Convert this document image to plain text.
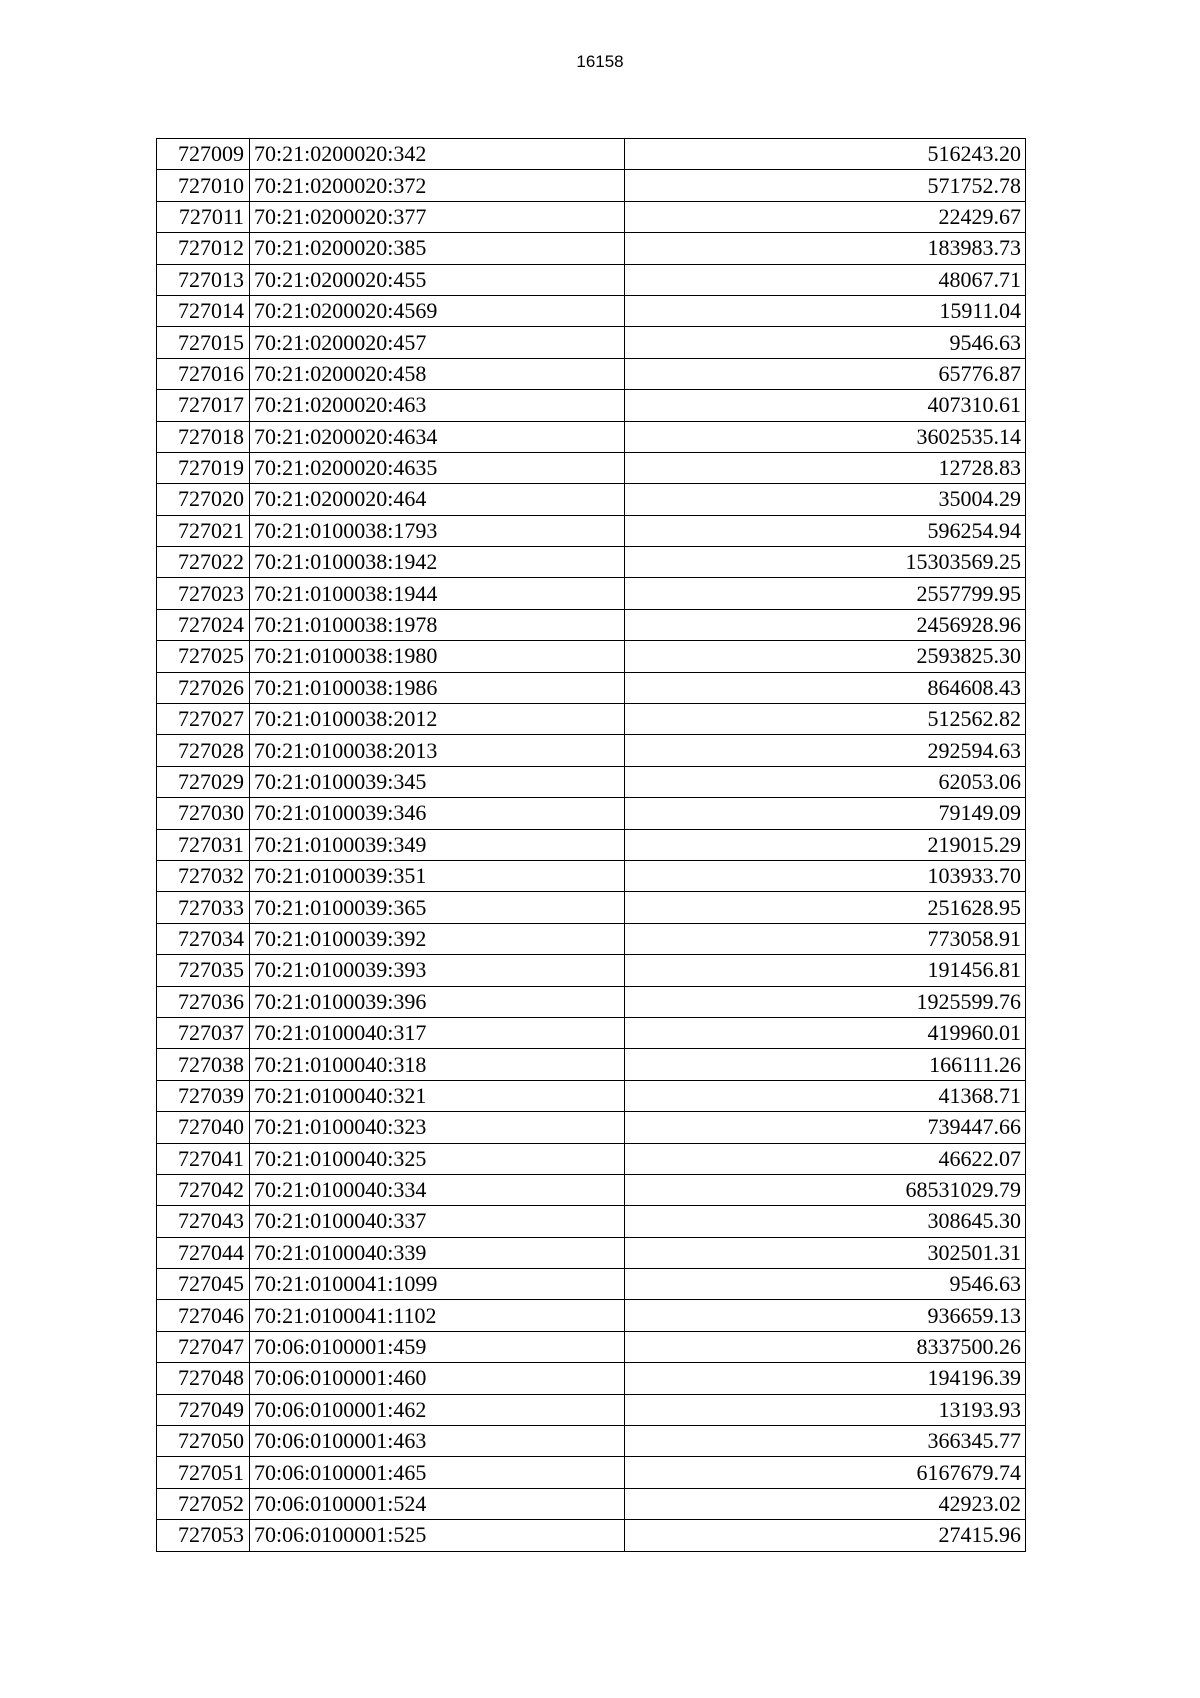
16158
727009	70:21:0200020:342	516243.20
727010	70:21:0200020:372	571752.78
727011	70:21:0200020:377	22429.67
727012	70:21:0200020:385	183983.73
727013	70:21:0200020:455	48067.71
727014	70:21:0200020:4569	15911.04
727015	70:21:0200020:457	9546.63
727016	70:21:0200020:458	65776.87
727017	70:21:0200020:463	407310.61
727018	70:21:0200020:4634	3602535.14
727019	70:21:0200020:4635	12728.83
727020	70:21:0200020:464	35004.29
727021	70:21:0100038:1793	596254.94
727022	70:21:0100038:1942	15303569.25
727023	70:21:0100038:1944	2557799.95
727024	70:21:0100038:1978	2456928.96
727025	70:21:0100038:1980	2593825.30
727026	70:21:0100038:1986	864608.43
727027	70:21:0100038:2012	512562.82
727028	70:21:0100038:2013	292594.63
727029	70:21:0100039:345	62053.06
727030	70:21:0100039:346	79149.09
727031	70:21:0100039:349	219015.29
727032	70:21:0100039:351	103933.70
727033	70:21:0100039:365	251628.95
727034	70:21:0100039:392	773058.91
727035	70:21:0100039:393	191456.81
727036	70:21:0100039:396	1925599.76
727037	70:21:0100040:317	419960.01
727038	70:21:0100040:318	166111.26
727039	70:21:0100040:321	41368.71
727040	70:21:0100040:323	739447.66
727041	70:21:0100040:325	46622.07
727042	70:21:0100040:334	68531029.79
727043	70:21:0100040:337	308645.30
727044	70:21:0100040:339	302501.31
727045	70:21:0100041:1099	9546.63
727046	70:21:0100041:1102	936659.13
727047	70:06:0100001:459	8337500.26
727048	70:06:0100001:460	194196.39
727049	70:06:0100001:462	13193.93
727050	70:06:0100001:463	366345.77
727051	70:06:0100001:465	6167679.74
727052	70:06:0100001:524	42923.02
727053	70:06:0100001:525	27415.96
